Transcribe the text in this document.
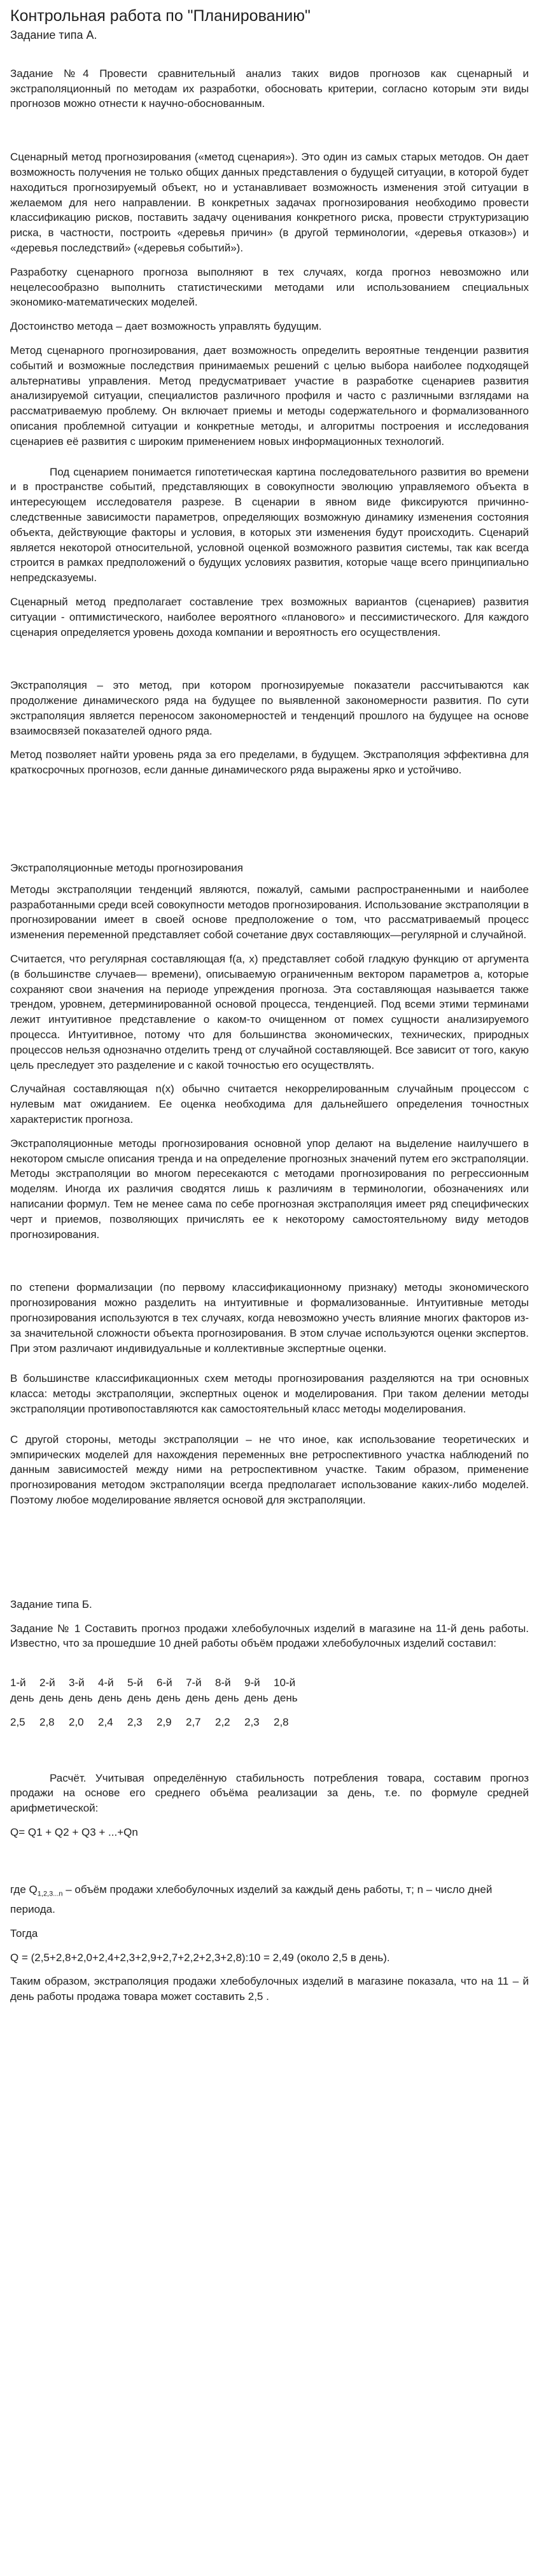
Контрольная работа по "Планированию"
Задание типа А.

Задание №4 Провести сравнительный анализ таких видов прогнозов как сценарный и экстраполяционный по методам их разработки, обосновать критерии, согласно которым эти виды прогнозов можно отнести к научно-обоснованным.

Сценарный метод прогнозирования («метод сценария»). Это один из самых старых методов. Он дает возможность получения не только общих данных представления о будущей ситуации, в которой будет находиться прогнозируемый объект, но и устанавливает возможность изменения этой ситуации в желаемом для него направлении. В конкретных задачах прогнозирования необходимо провести классификацию рисков, поставить задачу оценивания конкретного риска, провести структуризацию риска, в частности, построить «деревья причин» (в другой терминологии, «деревья отказов») и «деревья последствий» («деревья событий»).

Разработку сценарного прогноза выполняют в тех случаях, когда прогноз невозможно или нецелесообразно выполнить статистическими методами или использованием специальных экономико-математических моделей.

Достоинство метода – дает возможность управлять будущим.

Метод сценарного прогнозирования, дает возможность определить вероятные тенденции развития событий и возможные последствия принимаемых решений с целью выбора наиболее подходящей альтернативы управления. Метод предусматривает участие в разработке сценариев развития анализируемой ситуации, специалистов различного профиля и часто с различными взглядами на рассматриваемую проблему. Он включает приемы и методы содержательного и формализованного описания проблемной ситуации и конкретные методы, и алгоритмы построения и исследования сценариев её развития с широким применением новых информационных технологий.

Под сценарием понимается гипотетическая картина последовательного развития во времени и в пространстве событий, представляющих в совокупности эволюцию управляемого объекта в интересующем исследователя разрезе. В сценарии в явном виде фиксируются причинно-следственные зависимости параметров, определяющих возможную динамику изменения состояния объекта, действующие факторы и условия, в которых эти изменения будут происходить. Сценарий является некоторой относительной, условной оценкой возможного развития системы, так как всегда строится в рамках предположений о будущих условиях развития, которые чаще всего принципиально непредсказуемы.

Сценарный метод предполагает составление трех возможных вариантов (сценариев) развития ситуации - оптимистического, наиболее вероятного «планового» и пессимистического. Для каждого сценария определяется уровень дохода компании и вероятность его осуществления.

Экстраполяция – это метод, при котором прогнозируемые показатели рассчитываются как продолжение динамического ряда на будущее по выявленной закономерности развития. По сути экстраполяция является переносом закономерностей и тенденций прошлого на будущее на основе взаимосвязей показателей одного ряда.

Метод позволяет найти уровень ряда за его пределами, в будущем. Экстраполяция эффективна для краткосрочных прогнозов, если данные динамического ряда выражены ярко и устойчиво.

Экстраполяционные методы прогнозирования

Методы экстраполяции тенденций являются, пожалуй, самыми распространенными и наиболее разработанными среди всей совокупности методов прогнозирования. Использование экстраполяции в прогнозировании имеет в своей основе предположение о том, что рассматриваемый процесс изменения переменной представляет собой сочетание двух составляющих—регулярной и случайной.

Считается, что регулярная составляющая f(a, x) представляет собой гладкую функцию от аргумента (в большинстве случаев— времени), описываемую ограниченным вектором параметров a, которые сохраняют свои значения на периоде упреждения прогноза. Эта составляющая называется также трендом, уровнем, детерминированной основой процесса, тенденцией. Под всеми этими терминами лежит интуитивное представление о каком-то очищенном от помех сущности анализируемого процесса. Интуитивное, потому что для большинства экономических, технических, природных процессов нельзя однозначно отделить тренд от случайной составляющей. Все зависит от того, какую цель преследует это разделение и с какой точностью его осуществлять.

Случайная составляющая n(x) обычно считается некоррелированным случайным процессом с нулевым мат ожиданием. Ее оценка необходима для дальнейшего определения точностных характеристик прогноза.

Экстраполяционные методы прогнозирования основной упор делают на выделение наилучшего в некотором смысле описания тренда и на определение прогнозных значений путем его экстраполяции. Методы экстраполяции во многом пересекаются с методами прогнозирования по регрессионным моделям. Иногда их различия сводятся лишь к различиям в терминологии, обозначениях или написании формул. Тем не менее сама по себе прогнозная экстраполяция имеет ряд специфических черт и приемов, позволяющих причислять ее к некоторому самостоятельному виду методов прогнозирования.

по степени формализации (по первому классификационному признаку) методы экономического прогнозирования можно разделить на интуитивные и формализованные. Интуитивные методы прогнозирования используются в тех случаях, когда невозможно учесть влияние многих факторов из-за значительной сложности объекта прогнозирования. В этом случае используются оценки экспертов. При этом различают индивидуальные и коллективные экспертные оценки.

В большинстве классификационных схем методы прогнозирования разделяются на три основных класса: методы экстраполяции, экспертных оценок и моделирования. При таком делении методы экстраполяции противопоставляются как самостоятельный класс методы моделирования.

С другой стороны, методы экстраполяции – не что иное, как использование теоретических и эмпирических моделей для нахождения переменных вне ретроспективного участка наблюдений по данным зависимостей между ними на ретроспективном участке. Таким образом, применение прогнозирования методом экстраполяции всегда предполагает использование каких-либо моделей. Поэтому любое моделирование является основой для экстраполяции.

Задание типа Б.

Задание № 1 Составить прогноз продажи хлебобулочных изделий в магазине на 11-й день работы. Известно, что за прошедшие 10 дней работы объём продажи хлебобулочных изделий составил:

1-й	2-й	3-й	4-й	5-й	6-й	7-й	8-й	9-й	10-й
день	день	день	день	день	день	день	день	день	день
2,5	2,8	2,0	2,4	2,3	2,9	2,7	2,2	2,3	2,8

Расчёт. Учитывая определённую стабильность потребления товара, составим прогноз продажи на основе его среднего объёма реализации за день, т.е. по формуле средней арифметической:

Q= Q1 + Q2 + Q3 + ...+Qn
где $Q_{1,2,3...n}$ – объём продажи хлебобулочных изделий за каждый день работы, т; n – число дней периода.
Тогда
Q = (2,5+2,8+2,0+2,4+2,3+2,9+2,7+2,2+2,3+2,8):10 = 2,49 (около 2,5 в день).

Таким образом, экстраполяция продажи хлебобулочных изделий в магазине показала, что на 11 – й день работы продажа товара может составить 2,5 .
